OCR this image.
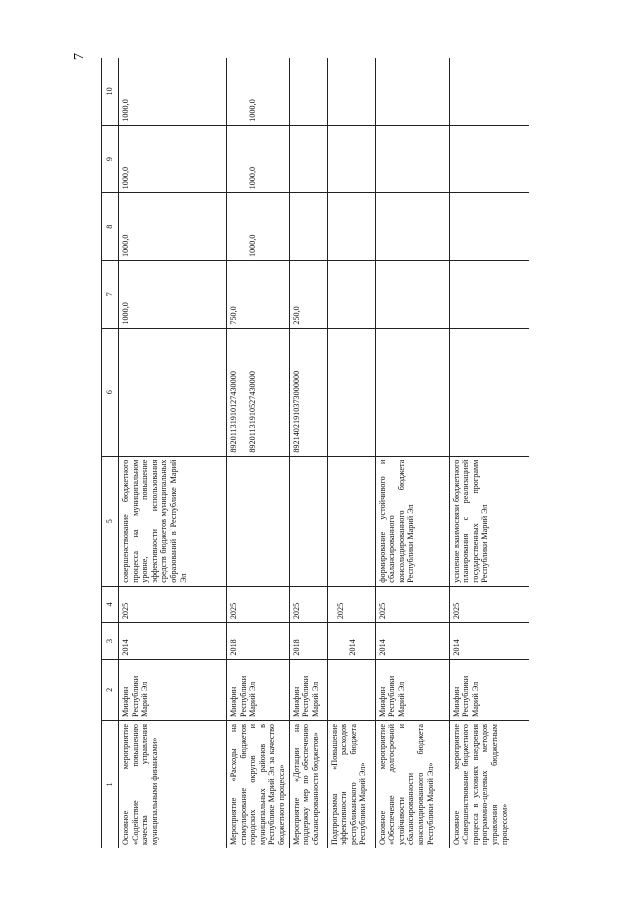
7
1	2	3	4	5	6	7	8	9	10
Основное мероприятие «Содействие повышению качества управления муниципальными финансами»	Минфин Республики Марий Эл	2014	2025	совершенствование бюджетного процесса на муниципальном уровне, повышение эффективности использования средств бюджетов муниципальных образований в Республике Марий Эл		1000,0	1000,0	1000,0	1000,0
Мероприятие «Расходы на стимулирование бюджетов городских округов и муниципальных районов в Республике Марий Эл за качество бюджетного процесса»	Минфин Республики Марий Эл	2018	2025		89201131910127430000 89201131910527430000	750,0	1000,0	1000,0	1000,0
Мероприятие «Дотации на поддержку мер по обеспечению сбалансированности бюджетов»	Минфин Республики Марий Эл	2018	2025		89214021910373000000	250,0			
Подпрограмма «Повышение эффективности расходов республиканского бюджета Республики Марий Эл»		2014	2025						
Основное мероприятие «Обеспечение долгосрочной устойчивости и сбалансированности консолидированного бюджета Республики Марий Эл»	Минфин Республики Марий Эл	2014	2025	формирование устойчивого и сбалансированного консолидированного бюджета Республики Марий Эл					
Основное мероприятие «Совершенствование бюджетного процесса в условиях внедрения программно-целевых методов управления бюджетным процессом»	Минфин Республики Марий Эл	2014	2025	усиление взаимосвязи бюджетного планирования с реализацией государственных программ Республики Марий Эл					
